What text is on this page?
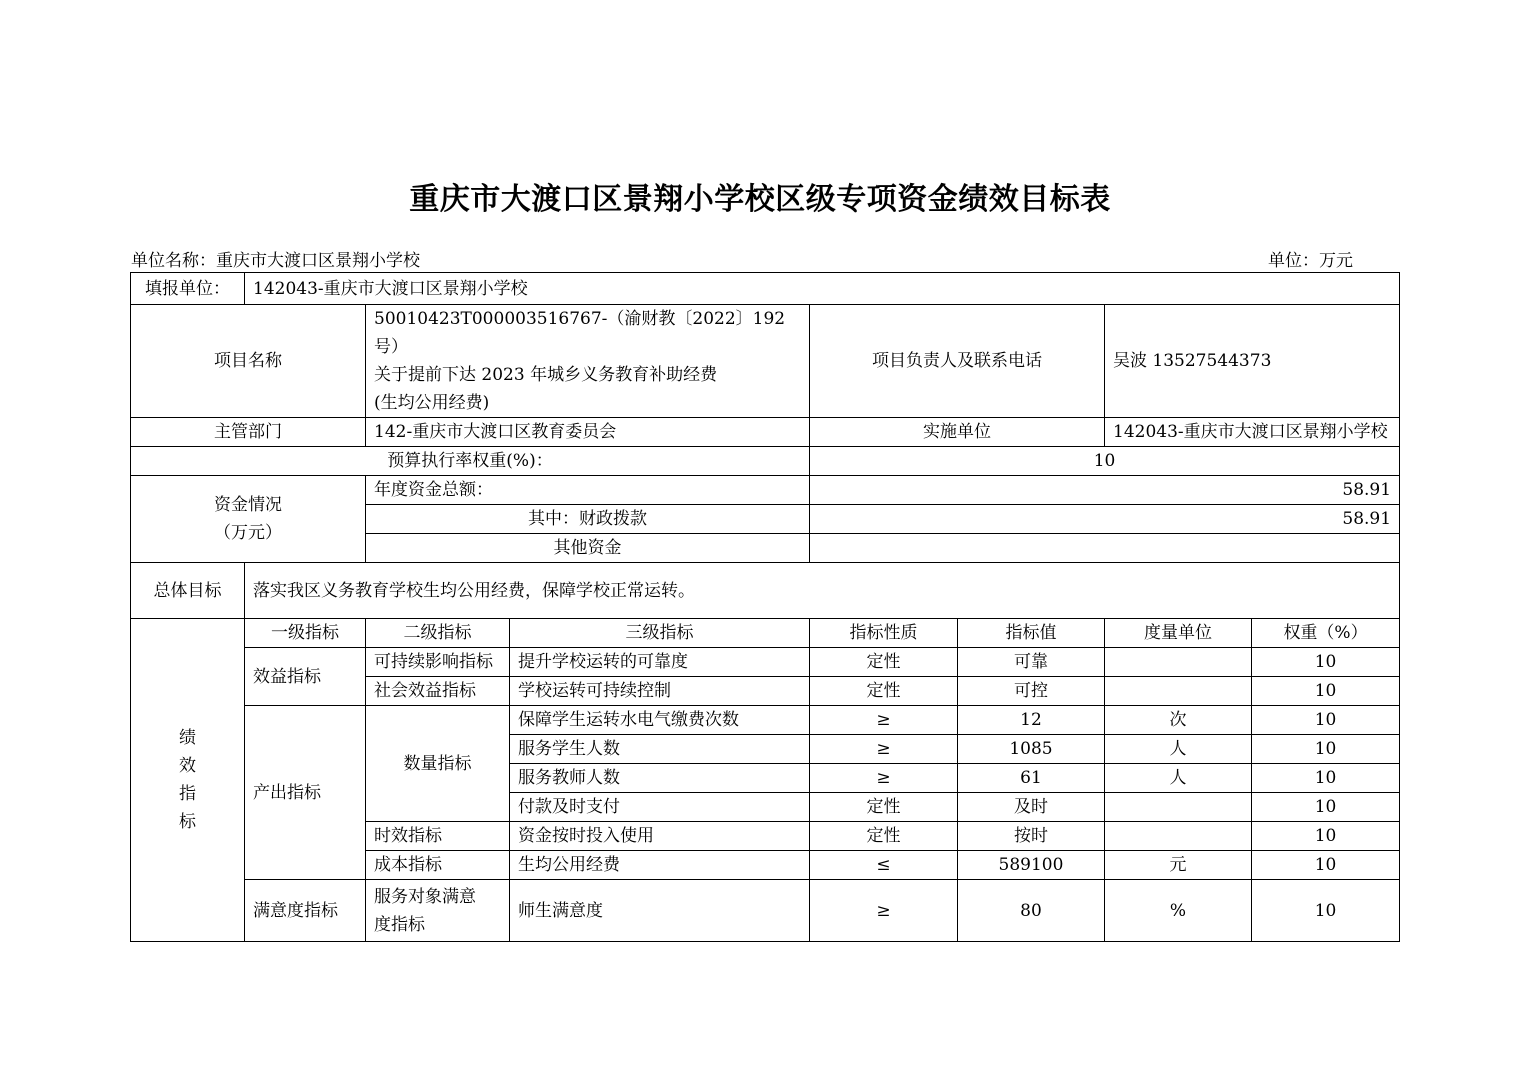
重庆市大渡口区景翔小学校区级专项资金绩效目标表
单位名称：重庆市大渡口区景翔小学校	单位：万元
填报单位：	142043-重庆市大渡口区景翔小学校						
项目名称		50010423T000003516767-（渝财教〔2022〕192 号）
关于提前下达 2023 年城乡义务教育补助经费
(生均公用经费)		项目负责人及联系电话		吴波 13527544373	
主管部门		142-重庆市大渡口区教育委员会		实施单位		142043-重庆市大渡口区景翔小学校	
预算执行率权重(%)：				10			

资金情况
（万元）		年度资金总额：		58.91			
		其中：财政拨款		58.91			
		其他资金					
总体目标	落实我区义务教育学校生均公用经费，保障学校正常运转。						

绩
效
指
标	一级指标	二级指标	三级指标	指标性质	指标值	度量单位	权重（%）
	效益指标	可持续影响指标	提升学校运转的可靠度	定性	可靠		10
		社会效益指标	学校运转可持续控制	定性	可控		10
	产出指标	数量指标	保障学生运转水电气缴费次数	≥	12	次	10
			服务学生人数	≥	1085	人	10
			服务教师人数	≥	61	人	10
			付款及时支付	定性	及时		10
		时效指标	资金按时投入使用	定性	按时		10
		成本指标	生均公用经费	≤	589100	元	10
	满意度指标	服务对象满意
度指标	师生满意度	≥	80	%	10
